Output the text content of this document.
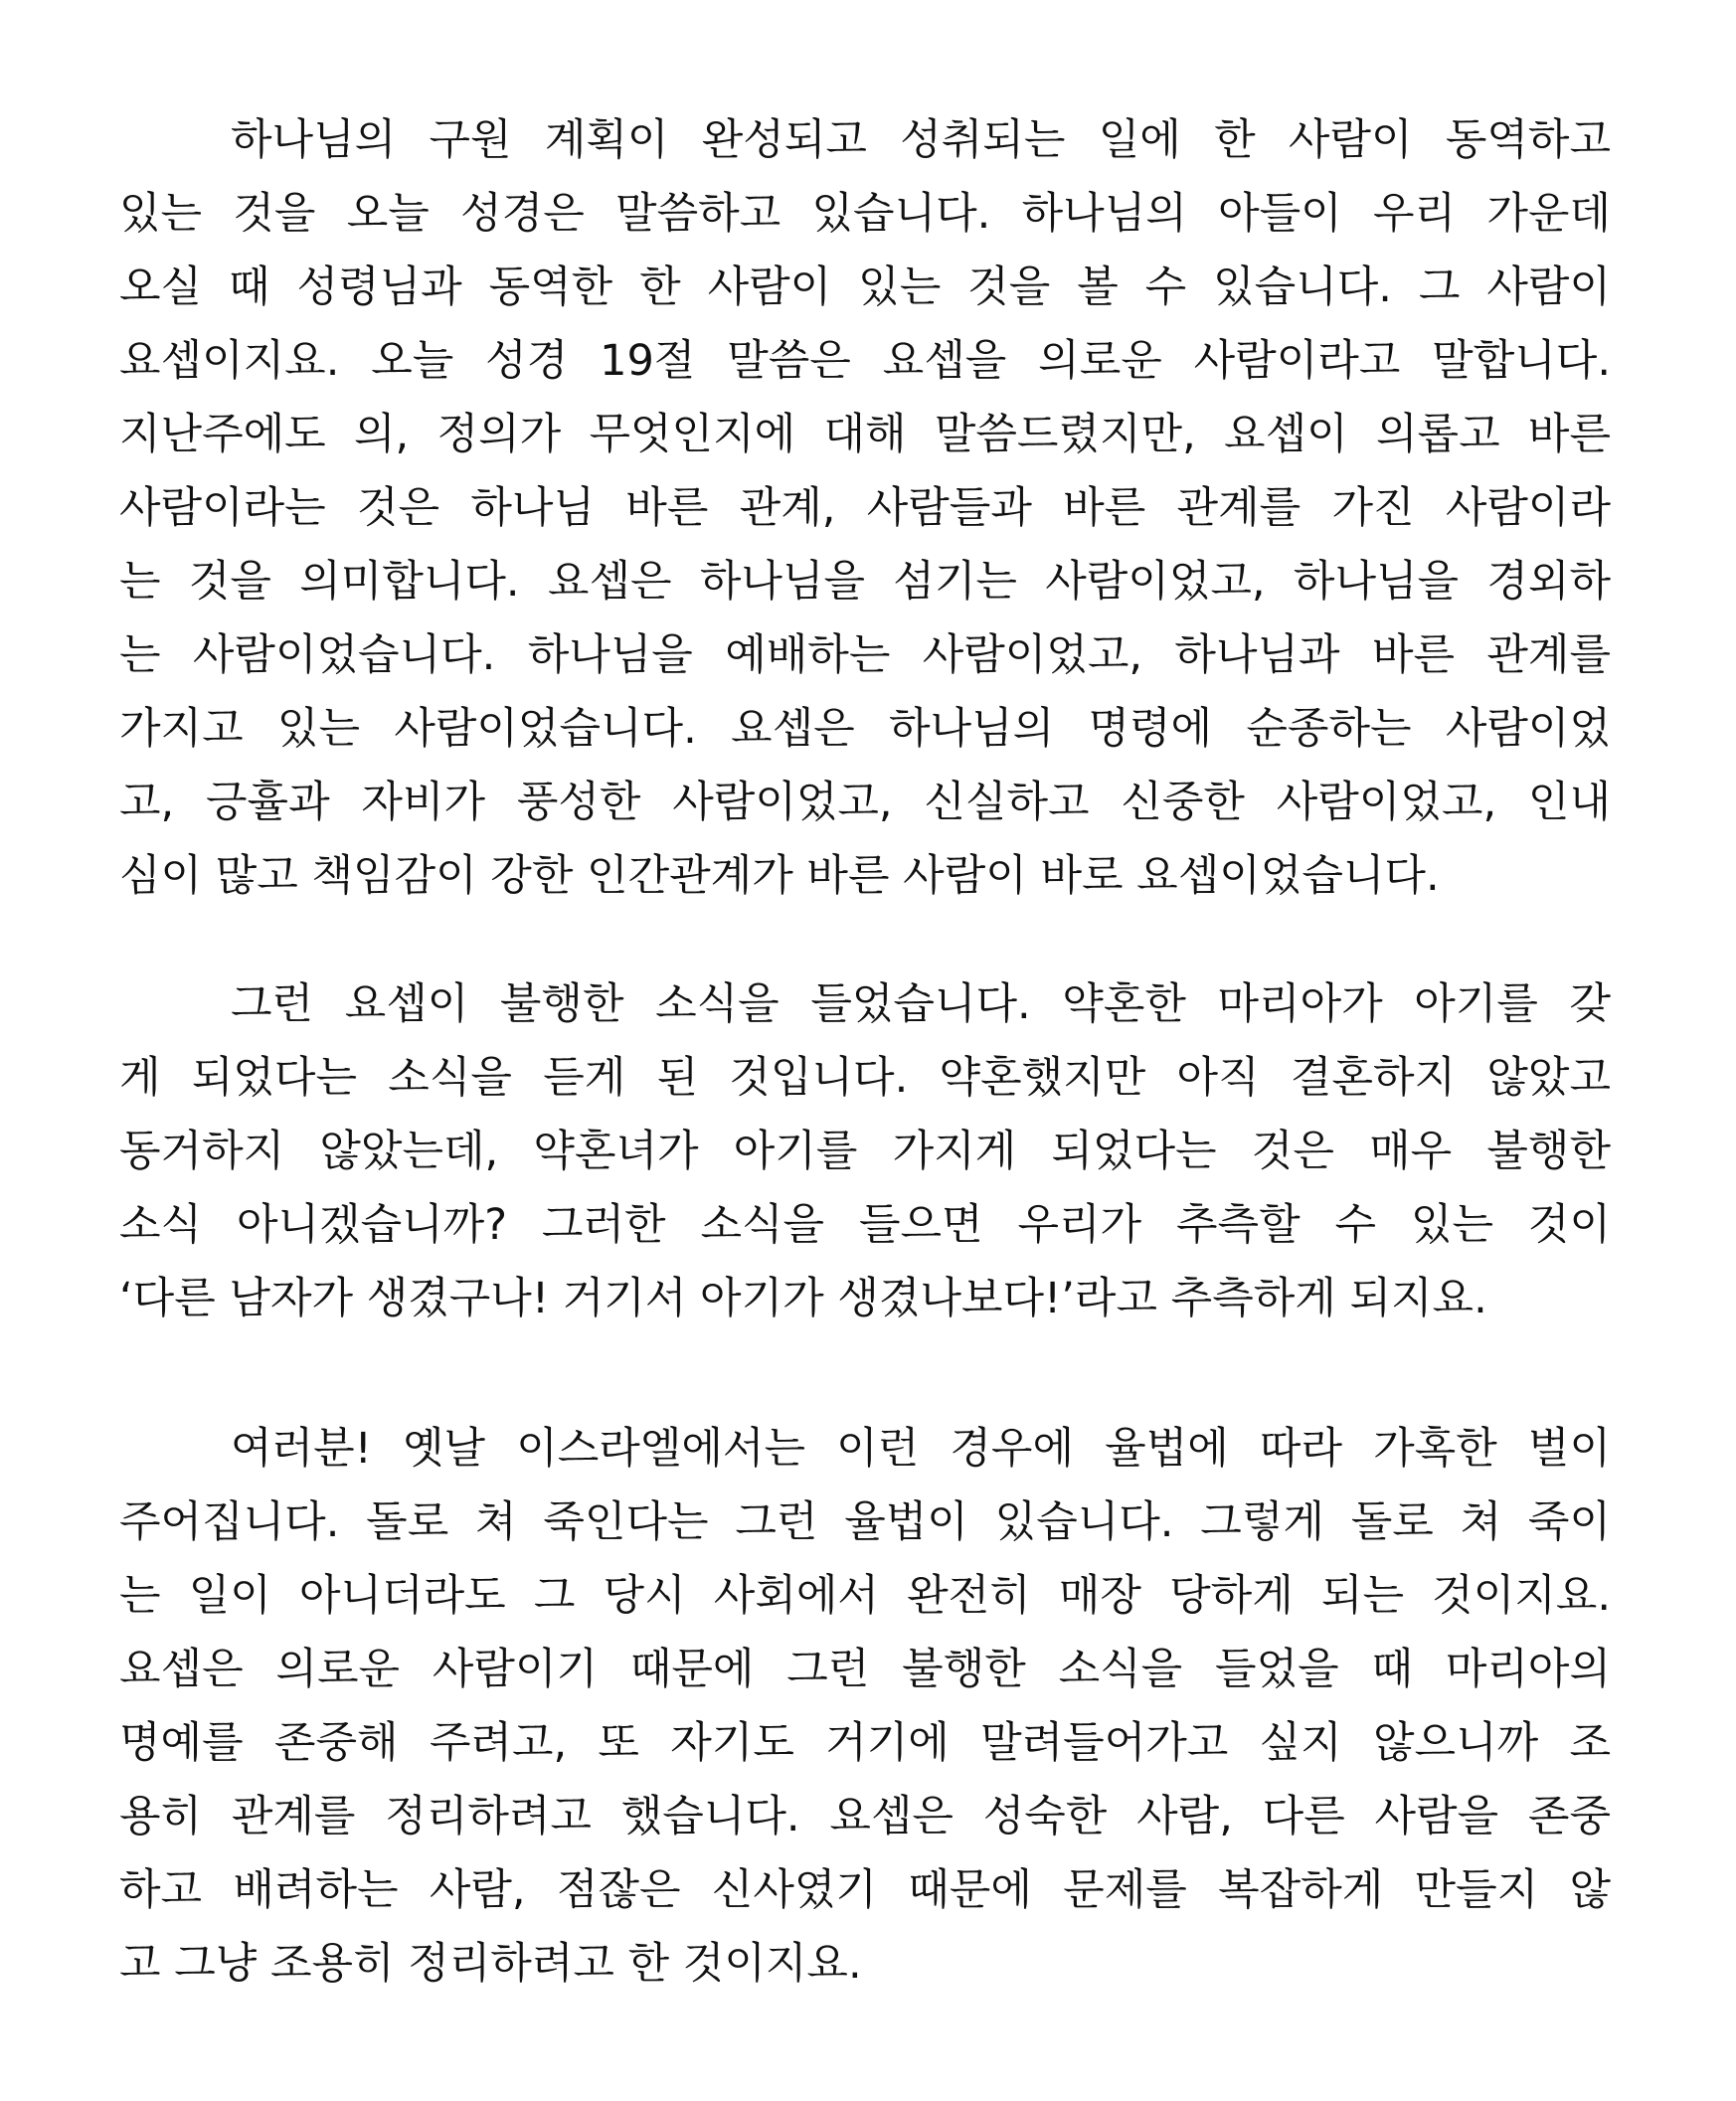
하나님의 구원 계획이 완성되고 성취되는 일에 한 사람이 동역하고
있는 것을 오늘 성경은 말씀하고 있습니다. 하나님의 아들이 우리 가운데
오실 때 성령님과 동역한 한 사람이 있는 것을 볼 수 있습니다. 그 사람이
요셉이지요. 오늘 성경 19절 말씀은 요셉을 의로운 사람이라고 말합니다.
지난주에도 의, 정의가 무엇인지에 대해 말씀드렸지만, 요셉이 의롭고 바른
사람이라는 것은 하나님 바른 관계, 사람들과 바른 관계를 가진 사람이라
는 것을 의미합니다. 요셉은 하나님을 섬기는 사람이었고, 하나님을 경외하
는 사람이었습니다. 하나님을 예배하는 사람이었고, 하나님과 바른 관계를
가지고 있는 사람이었습니다. 요셉은 하나님의 명령에 순종하는 사람이었
고, 긍휼과 자비가 풍성한 사람이었고, 신실하고 신중한 사람이었고, 인내
심이 많고 책임감이 강한 인간관계가 바른 사람이 바로 요셉이었습니다.
그런 요셉이 불행한 소식을 들었습니다. 약혼한 마리아가 아기를 갖
게 되었다는 소식을 듣게 된 것입니다. 약혼했지만 아직 결혼하지 않았고
동거하지 않았는데, 약혼녀가 아기를 가지게 되었다는 것은 매우 불행한
소식 아니겠습니까? 그러한 소식을 들으면 우리가 추측할 수 있는 것이
‘다른 남자가 생겼구나! 거기서 아기가 생겼나보다!’라고 추측하게 되지요.
여러분! 옛날 이스라엘에서는 이런 경우에 율법에 따라 가혹한 벌이
주어집니다. 돌로 쳐 죽인다는 그런 율법이 있습니다. 그렇게 돌로 쳐 죽이
는 일이 아니더라도 그 당시 사회에서 완전히 매장 당하게 되는 것이지요.
요셉은 의로운 사람이기 때문에 그런 불행한 소식을 들었을 때 마리아의
명예를 존중해 주려고, 또 자기도 거기에 말려들어가고 싶지 않으니까 조
용히 관계를 정리하려고 했습니다. 요셉은 성숙한 사람, 다른 사람을 존중
하고 배려하는 사람, 점잖은 신사였기 때문에 문제를 복잡하게 만들지 않
고 그냥 조용히 정리하려고 한 것이지요.
